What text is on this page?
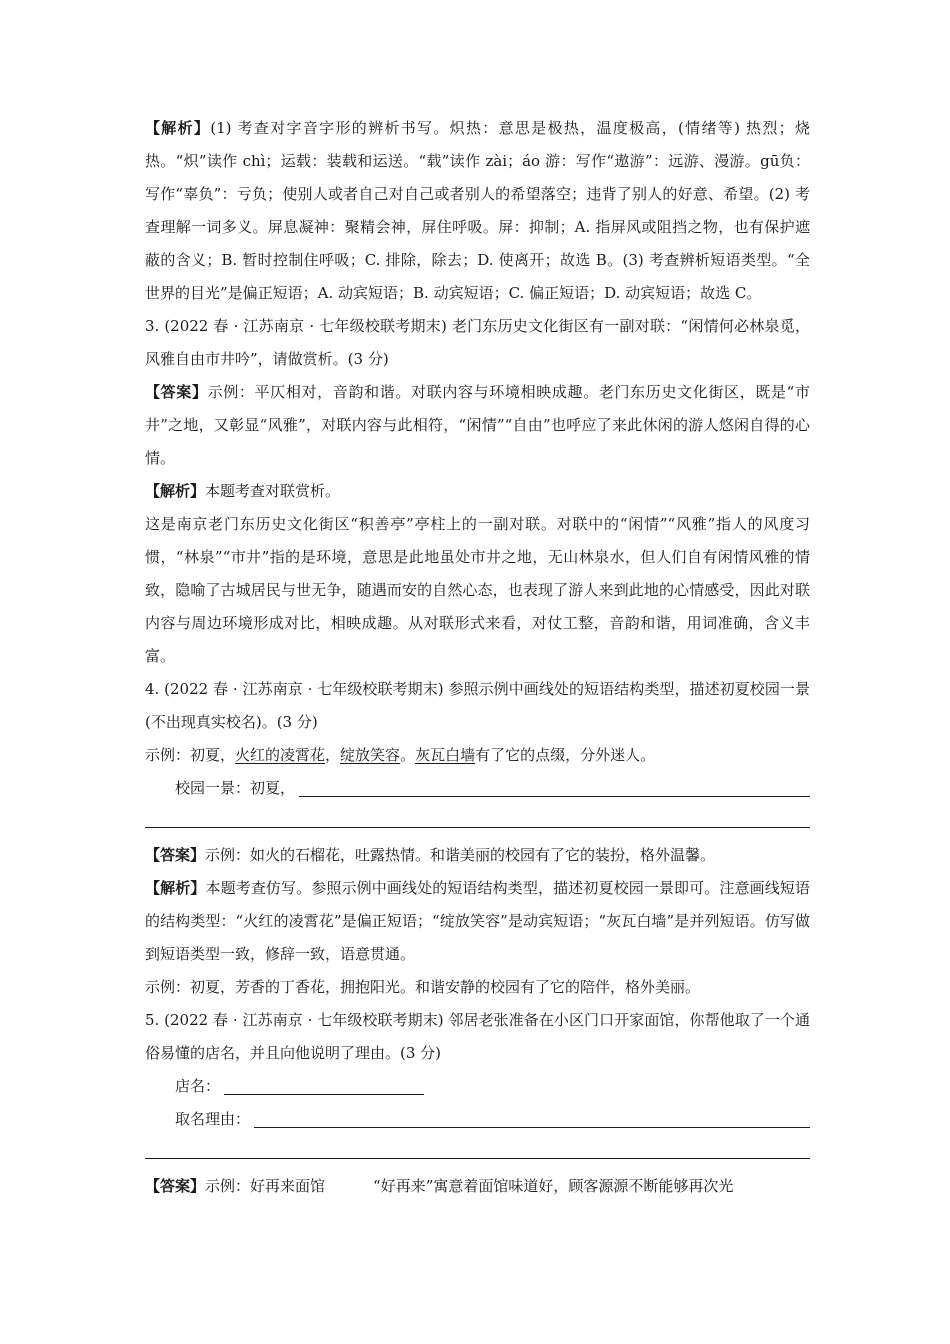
【解析】(1) 考查对字音字形的辨析书写。炽热：意思是极热，温度极高，(情绪等) 热烈；烧热。“炽”读作 chì；运载：装载和运送。“载”读作 zài；áo 游：写作“遨游”：远游、漫游。gū负：写作“辜负”：亏负；使别人或者自己对自己或者别人的希望落空；违背了别人的好意、希望。(2) 考查理解一词多义。屏息凝神：聚精会神，屏住呼吸。屏：抑制；A. 指屏风或阻挡之物，也有保护遮蔽的含义；B. 暂时控制住呼吸；C. 排除，除去；D. 使离开；故选 B。(3) 考查辨析短语类型。“全世界的目光”是偏正短语；A. 动宾短语；B. 动宾短语；C. 偏正短语；D. 动宾短语；故选 C。

3. (2022 春 · 江苏南京 · 七年级校联考期末) 老门东历史文化街区有一副对联：“闲情何必林泉觅，风雅自由市井吟”，请做赏析。(3 分)

【答案】示例：平仄相对，音韵和谐。对联内容与环境相映成趣。老门东历史文化街区，既是“市井”之地，又彰显“风雅”，对联内容与此相符，“闲情”“自由”也呼应了来此休闲的游人悠闲自得的心情。

【解析】本题考查对联赏析。

这是南京老门东历史文化街区“积善亭”亭柱上的一副对联。对联中的“闲情”“风雅”指人的风度习惯，“林泉”“市井”指的是环境，意思是此地虽处市井之地，无山林泉水，但人们自有闲情风雅的情致，隐喻了古城居民与世无争，随遇而安的自然心态，也表现了游人来到此地的心情感受，因此对联内容与周边环境形成对比，相映成趣。从对联形式来看，对仗工整，音韵和谐，用词准确，含义丰富。

4. (2022 春 · 江苏南京 · 七年级校联考期末) 参照示例中画线处的短语结构类型，描述初夏校园一景 (不出现真实校名)。(3 分)

示例：初夏，火红的凌霄花，绽放笑容。灰瓦白墙有了它的点缀，分外迷人。

校园一景：初夏，

【答案】示例：如火的石榴花，吐露热情。和谐美丽的校园有了它的装扮，格外温馨。

【解析】本题考查仿写。参照示例中画线处的短语结构类型，描述初夏校园一景即可。注意画线短语的结构类型：“火红的凌霄花”是偏正短语；“绽放笑容”是动宾短语；“灰瓦白墙”是并列短语。仿写做到短语类型一致，修辞一致，语意贯通。

示例：初夏，芳香的丁香花，拥抱阳光。和谐安静的校园有了它的陪伴，格外美丽。

5. (2022 春 · 江苏南京 · 七年级校联考期末) 邻居老张准备在小区门口开家面馆，你帮他取了一个通俗易懂的店名，并且向他说明了理由。(3 分)

店名：
取名理由：

【答案】示例：好再来面馆	“好再来”寓意着面馆味道好，顾客源源不断能够再次光
